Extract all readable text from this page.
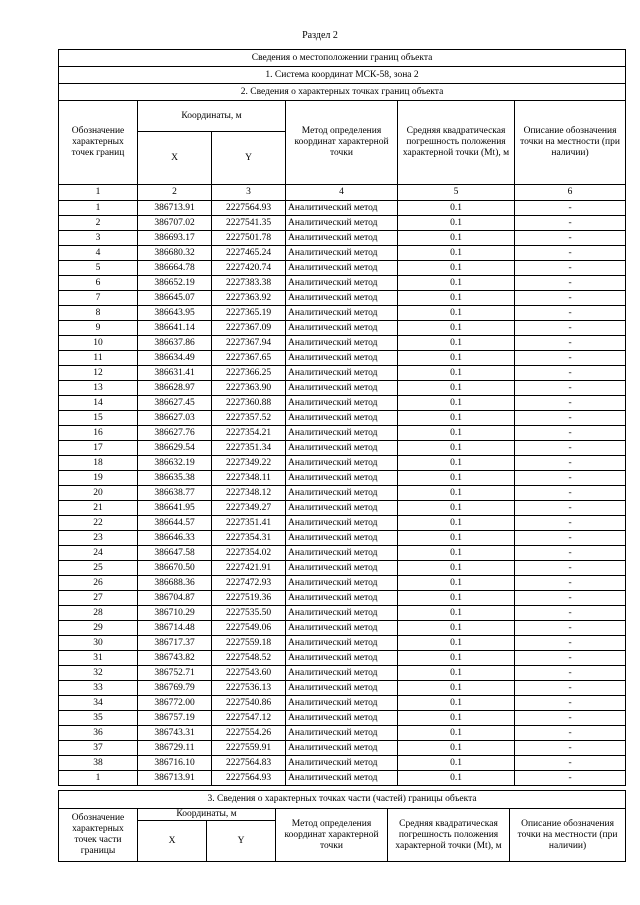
Раздел 2
Сведения о местоположении границ объекта					
1. Система координат МСК-58, зона 2					
2. Сведения о характерных точках границ объекта					
Обозначение характерных точек границ	Координаты, м		Метод определения координат характерной точки	Средняя квадратическая погрешность положения характерной точки (Mt), м	Описание обозначения точки на местности (при наличии)
	X	Y			
1	2	3	4	5	6
1	386713.91	2227564.93	Аналитический метод	0.1	-
2	386707.02	2227541.35	Аналитический метод	0.1	-
3	386693.17	2227501.78	Аналитический метод	0.1	-
4	386680.32	2227465.24	Аналитический метод	0.1	-
5	386664.78	2227420.74	Аналитический метод	0.1	-
6	386652.19	2227383.38	Аналитический метод	0.1	-
7	386645.07	2227363.92	Аналитический метод	0.1	-
8	386643.95	2227365.19	Аналитический метод	0.1	-
9	386641.14	2227367.09	Аналитический метод	0.1	-
10	386637.86	2227367.94	Аналитический метод	0.1	-
11	386634.49	2227367.65	Аналитический метод	0.1	-
12	386631.41	2227366.25	Аналитический метод	0.1	-
13	386628.97	2227363.90	Аналитический метод	0.1	-
14	386627.45	2227360.88	Аналитический метод	0.1	-
15	386627.03	2227357.52	Аналитический метод	0.1	-
16	386627.76	2227354.21	Аналитический метод	0.1	-
17	386629.54	2227351.34	Аналитический метод	0.1	-
18	386632.19	2227349.22	Аналитический метод	0.1	-
19	386635.38	2227348.11	Аналитический метод	0.1	-
20	386638.77	2227348.12	Аналитический метод	0.1	-
21	386641.95	2227349.27	Аналитический метод	0.1	-
22	386644.57	2227351.41	Аналитический метод	0.1	-
23	386646.33	2227354.31	Аналитический метод	0.1	-
24	386647.58	2227354.02	Аналитический метод	0.1	-
25	386670.50	2227421.91	Аналитический метод	0.1	-
26	386688.36	2227472.93	Аналитический метод	0.1	-
27	386704.87	2227519.36	Аналитический метод	0.1	-
28	386710.29	2227535.50	Аналитический метод	0.1	-
29	386714.48	2227549.06	Аналитический метод	0.1	-
30	386717.37	2227559.18	Аналитический метод	0.1	-
31	386743.82	2227548.52	Аналитический метод	0.1	-
32	386752.71	2227543.60	Аналитический метод	0.1	-
33	386769.79	2227536.13	Аналитический метод	0.1	-
34	386772.00	2227540.86	Аналитический метод	0.1	-
35	386757.19	2227547.12	Аналитический метод	0.1	-
36	386743.31	2227554.26	Аналитический метод	0.1	-
37	386729.11	2227559.91	Аналитический метод	0.1	-
38	386716.10	2227564.83	Аналитический метод	0.1	-
1	386713.91	2227564.93	Аналитический метод	0.1	-
3. Сведения о характерных точках части (частей) границы объекта					
Обозначение характерных точек части границы	Координаты, м		Метод определения координат характерной точки	Средняя квадратическая погрешность положения характерной точки (Mt), м	Описание обозначения точки на местности (при наличии)
	X	Y			
